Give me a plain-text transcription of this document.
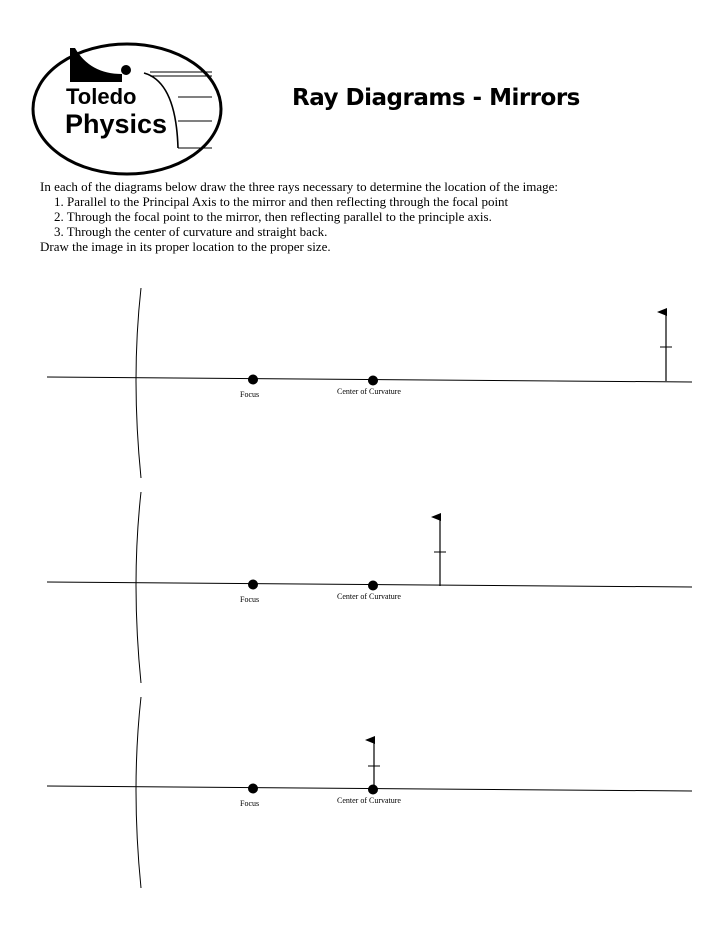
Toledo
Physics
Ray Diagrams - Mirrors
In each of the diagrams below draw the three rays necessary to determine the location of the image:
1. Parallel to the Principal Axis to the mirror and then reflecting through the focal point
2. Through the focal point to the mirror, then reflecting parallel to the principle axis.
3. Through the center of curvature and straight back.
Draw the image in its proper location to the proper size.
Focus	Center of Curvature
Focus	Center of Curvature
Focus	Center of Curvature
